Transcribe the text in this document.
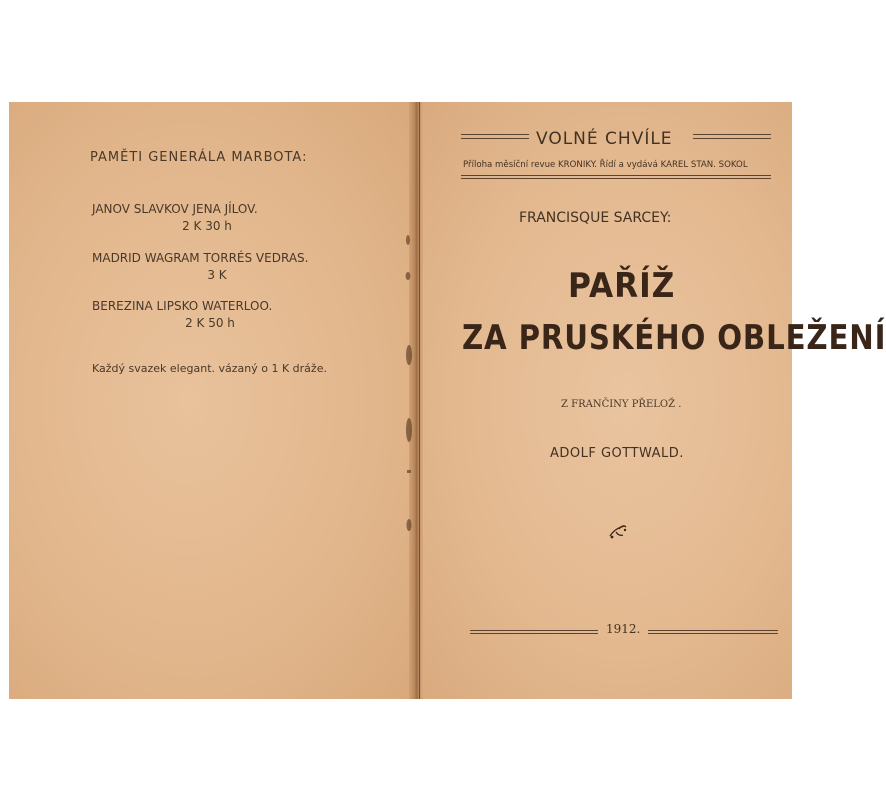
PAMĚTI GENERÁLA MARBOTA:
JANOV SLAVKOV JENA JÍLOV.
2 K 30 h
MADRID WAGRAM TORRÉS VEDRAS.
3 K
BEREZINA LIPSKO WATERLOO.
2 K 50 h
Každý svazek elegant. vázaný o 1 K dráže.
VOLNÉ CHVÍLE
Příloha měsíční revue KRONIKY. Řídí a vydává KAREL STAN. SOKOL
FRANCISQUE SARCEY:
PAŘÍŽ
ZA PRUSKÉHO OBLEŽENÍ
Z FRANČINY PŘELOŽ .
ADOLF GOTTWALD.
1912.
